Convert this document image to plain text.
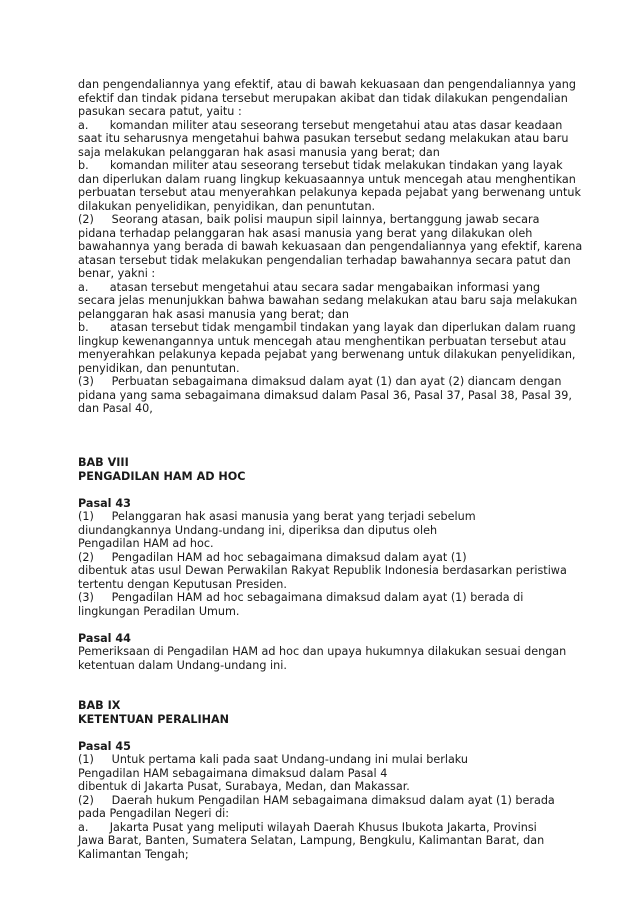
dan pengendaliannya yang efektif, atau di bawah kekuasaan dan pengendaliannya yang
efektif dan tindak pidana tersebut merupakan akibat dan tidak dilakukan pengendalian
pasukan secara patut, yaitu :
a.      komandan militer atau seseorang tersebut mengetahui atau atas dasar keadaan
saat itu seharusnya mengetahui bahwa pasukan tersebut sedang melakukan atau baru
saja melakukan pelanggaran hak asasi manusia yang berat; dan
b.      komandan militer atau seseorang tersebut tidak melakukan tindakan yang layak
dan diperlukan dalam ruang lingkup kekuasaannya untuk mencegah atau menghentikan
perbuatan tersebut atau menyerahkan pelakunya kepada pejabat yang berwenang untuk
dilakukan penyelidikan, penyidikan, dan penuntutan.
(2)     Seorang atasan, baik polisi maupun sipil lainnya, bertanggung jawab secara
pidana terhadap pelanggaran hak asasi manusia yang berat yang dilakukan oleh
bawahannya yang berada di bawah kekuasaan dan pengendaliannya yang efektif, karena
atasan tersebut tidak melakukan pengendalian terhadap bawahannya secara patut dan
benar, yakni :
a.      atasan tersebut mengetahui atau secara sadar mengabaikan informasi yang
secara jelas menunjukkan bahwa bawahan sedang melakukan atau baru saja melakukan
pelanggaran hak asasi manusia yang berat; dan
b.      atasan tersebut tidak mengambil tindakan yang layak dan diperlukan dalam ruang
lingkup kewenangannya untuk mencegah atau menghentikan perbuatan tersebut atau
menyerahkan pelakunya kepada pejabat yang berwenang untuk dilakukan penyelidikan,
penyidikan, dan penuntutan.
(3)     Perbuatan sebagaimana dimaksud dalam ayat (1) dan ayat (2) diancam dengan
pidana yang sama sebagaimana dimaksud dalam Pasal 36, Pasal 37, Pasal 38, Pasal 39,
dan Pasal 40,
BAB VIII
PENGADILAN HAM AD HOC
Pasal 43
(1)     Pelanggaran hak asasi manusia yang berat yang terjadi sebelum
diundangkannya Undang-undang ini, diperiksa dan diputus oleh
Pengadilan HAM ad hoc.
(2)     Pengadilan HAM ad hoc sebagaimana dimaksud dalam ayat (1)
dibentuk atas usul Dewan Perwakilan Rakyat Republik Indonesia berdasarkan peristiwa
tertentu dengan Keputusan Presiden.
(3)     Pengadilan HAM ad hoc sebagaimana dimaksud dalam ayat (1) berada di
lingkungan Peradilan Umum.
Pasal 44
Pemeriksaan di Pengadilan HAM ad hoc dan upaya hukumnya dilakukan sesuai dengan
ketentuan dalam Undang-undang ini.
BAB IX
KETENTUAN PERALIHAN
Pasal 45
(1)     Untuk pertama kali pada saat Undang-undang ini mulai berlaku
Pengadilan HAM sebagaimana dimaksud dalam Pasal 4
dibentuk di Jakarta Pusat, Surabaya, Medan, dan Makassar.
(2)     Daerah hukum Pengadilan HAM sebagaimana dimaksud dalam ayat (1) berada
pada Pengadilan Negeri di:
a.      Jakarta Pusat yang meliputi wilayah Daerah Khusus Ibukota Jakarta, Provinsi
Jawa Barat, Banten, Sumatera Selatan, Lampung, Bengkulu, Kalimantan Barat, dan
Kalimantan Tengah;
